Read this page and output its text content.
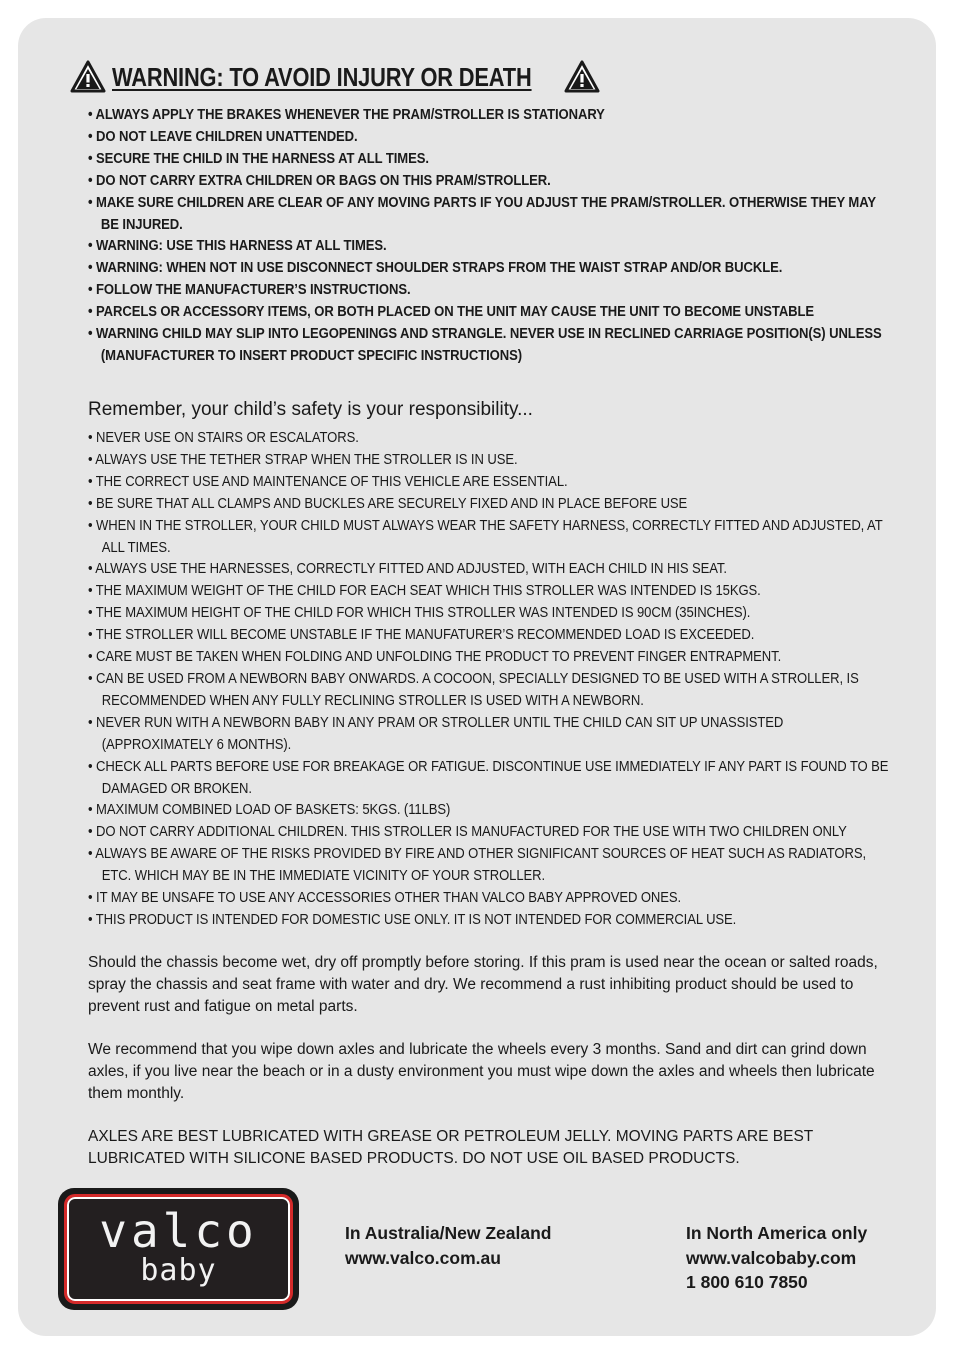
WARNING: TO AVOID INJURY OR DEATH
• ALWAYS APPLY THE BRAKES WHENEVER THE PRAM/STROLLER IS STATIONARY
• DO NOT LEAVE CHILDREN UNATTENDED.
• SECURE THE CHILD IN THE HARNESS AT ALL TIMES.
• DO NOT CARRY EXTRA CHILDREN OR BAGS ON THIS PRAM/STROLLER.
• MAKE SURE CHILDREN ARE CLEAR OF ANY MOVING PARTS IF YOU ADJUST THE PRAM/STROLLER. OTHERWISE THEY MAY BE INJURED.
• WARNING: USE THIS HARNESS AT ALL TIMES.
• WARNING: WHEN NOT IN USE DISCONNECT SHOULDER STRAPS FROM THE WAIST STRAP AND/OR BUCKLE.
• FOLLOW THE MANUFACTURER’S INSTRUCTIONS.
• PARCELS OR ACCESSORY ITEMS, OR BOTH PLACED ON THE UNIT MAY CAUSE THE UNIT TO BECOME UNSTABLE
• WARNING CHILD MAY SLIP INTO LEGOPENINGS AND STRANGLE. NEVER USE IN RECLINED CARRIAGE POSITION(S) UNLESS (MANUFACTURER TO INSERT PRODUCT SPECIFIC INSTRUCTIONS)
Remember, your child’s safety is your responsibility...
• NEVER USE ON STAIRS OR ESCALATORS.
• ALWAYS USE THE TETHER STRAP WHEN THE STROLLER IS IN USE.
• THE CORRECT USE AND MAINTENANCE OF THIS VEHICLE ARE ESSENTIAL.
• BE SURE THAT ALL CLAMPS AND BUCKLES ARE SECURELY FIXED AND IN PLACE BEFORE USE
• WHEN IN THE STROLLER, YOUR CHILD MUST ALWAYS WEAR THE SAFETY HARNESS, CORRECTLY FITTED AND ADJUSTED, AT ALL TIMES.
• ALWAYS USE THE HARNESSES, CORRECTLY FITTED AND ADJUSTED, WITH EACH CHILD IN HIS SEAT.
• THE MAXIMUM WEIGHT OF THE CHILD FOR EACH SEAT WHICH THIS STROLLER WAS INTENDED IS 15KGS.
• THE MAXIMUM HEIGHT OF THE CHILD FOR WHICH THIS STROLLER WAS INTENDED IS 90CM (35INCHES).
• THE STROLLER WILL BECOME UNSTABLE IF THE MANUFATURER’S RECOMMENDED LOAD IS EXCEEDED.
• CARE MUST BE TAKEN WHEN FOLDING AND UNFOLDING THE PRODUCT TO PREVENT FINGER ENTRAPMENT.
• CAN BE USED FROM A NEWBORN BABY ONWARDS. A COCOON, SPECIALLY DESIGNED TO BE USED WITH A STROLLER, IS RECOMMENDED WHEN ANY FULLY RECLINING STROLLER IS USED WITH A NEWBORN.
• NEVER RUN WITH A NEWBORN BABY IN ANY PRAM OR STROLLER UNTIL THE CHILD CAN SIT UP UNASSISTED (APPROXIMATELY 6 MONTHS).
• CHECK ALL PARTS BEFORE USE FOR BREAKAGE OR FATIGUE. DISCONTINUE USE IMMEDIATELY IF ANY PART IS FOUND TO BE DAMAGED OR BROKEN.
• MAXIMUM COMBINED LOAD OF BASKETS: 5KGS. (11LBS)
• DO NOT CARRY ADDITIONAL CHILDREN. THIS STROLLER IS MANUFACTURED FOR THE USE WITH TWO CHILDREN ONLY
• ALWAYS BE AWARE OF THE RISKS PROVIDED BY FIRE AND OTHER SIGNIFICANT SOURCES OF HEAT SUCH AS RADIATORS, ETC. WHICH MAY BE IN THE IMMEDIATE VICINITY OF YOUR STROLLER.
• IT MAY BE UNSAFE TO USE ANY ACCESSORIES OTHER THAN VALCO BABY APPROVED ONES.
• THIS PRODUCT IS INTENDED FOR DOMESTIC USE ONLY. IT IS NOT INTENDED FOR COMMERCIAL USE.

Should the chassis become wet, dry off promptly before storing. If this pram is used near the ocean or salted roads, spray the chassis and seat frame with water and dry. We recommend a rust inhibiting product should be used to prevent rust and fatigue on metal parts.

We recommend that you wipe down axles and lubricate the wheels every 3 months. Sand and dirt can grind down axles, if you live near the beach or in a dusty environment you must wipe down the axles and wheels then lubricate them monthly.

AXLES ARE BEST LUBRICATED WITH GREASE OR PETROLEUM JELLY. MOVING PARTS ARE BEST LUBRICATED WITH SILICONE BASED PRODUCTS. DO NOT USE OIL BASED PRODUCTS.

valco
baby
In Australia/New Zealand
www.valco.com.au
In North America only
www.valcobaby.com
1 800 610 7850
